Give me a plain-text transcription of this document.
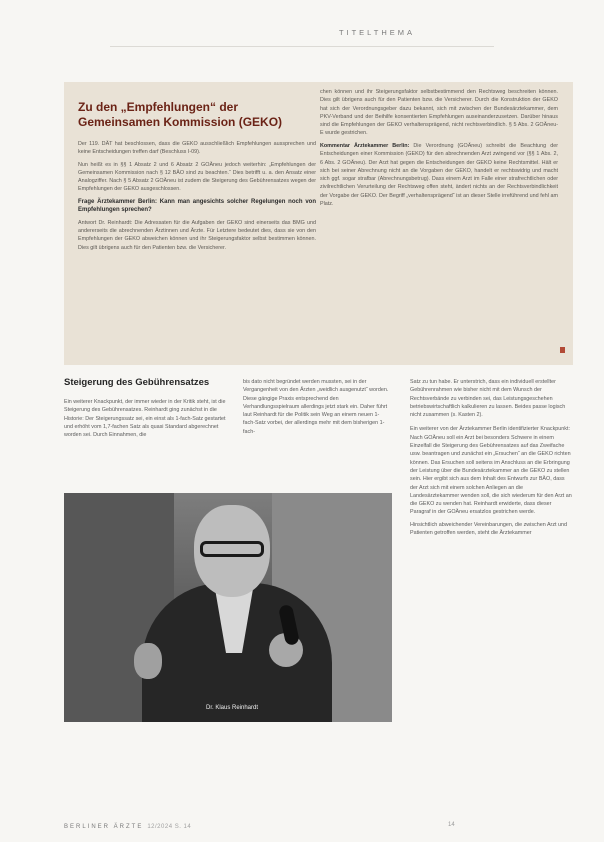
TITELTHEMA
Zu den „Empfehlungen“ der Gemeinsamen Kommission (GEKO)

Der 119. DÄT hat beschlossen, dass die GEKO ausschließlich Empfehlungen aussprechen und keine Entscheidungen treffen darf (Beschluss I-09).

Nun heißt es in §§ 1 Absatz 2 und 6 Absatz 2 GOÄneu jedoch weiterhin: „Empfehlungen der Gemeinsamen Kommission nach § 12 BÄO sind zu beachten.“ Dies betrifft u. a. den Ansatz einer Analogziffer. Nach § 5 Absatz 2 GOÄneu ist zudem die Steigerung des Gebührensatzes wegen der Empfehlungen der GEKO ausgeschlossen.

Frage Ärztekammer Berlin: Kann man angesichts solcher Regelungen noch von Empfehlungen sprechen?

Antwort Dr. Reinhardt: Die Adressaten für die Aufgaben der GEKO sind einerseits das BMG und andererseits die abrechnenden Ärztinnen und Ärzte. Für Letztere bedeutet dies, dass sie von den Empfehlungen der GEKO abweichen können und ihr Steigerungsfaktor selbst bestimmen können. Dies gilt übrigens auch für den Patienten bzw. die Versicherer.

chen können und ihr Steigerungsfaktor selbstbestimmend den Rechtsweg beschreiten können. Dies gilt übrigens auch für den Patienten bzw. die Versicherer. Durch die Konstruktion der GEKO hat sich der Verordnungsgeber dazu bekannt, sich mit zwischen der Bundesärztekammer, dem PKV-Verband und der Beihilfe konsentierten Empfehlungen auseinanderzusetzen. Darüber hinaus sind die Empfehlungen der GEKO verhaltensprägend, nicht rechtsverbindlich. § 5 Abs. 2 GOÄneu-E wurde gestrichen.

Kommentar Ärztekammer Berlin: Die Verordnung (GOÄneu) schreibt die Beachtung der Entscheidungen einer Kommission (GEKO) für den abrechnenden Arzt zwingend vor (§§ 1 Abs. 2, 6 Abs. 2 GOÄneu). Der Arzt hat gegen die Entscheidungen der GEKO keine Rechtsmittel. Hält er sich bei seiner Abrechnung nicht an die Vorgaben der GEKO, handelt er rechtswidrig und macht sich ggf. sogar strafbar (Abrechnungsbetrug). Dass einem Arzt im Falle einer strafrechtlichen oder zivilrechtlichen Verurteilung der Rechtsweg offen steht, ändert nichts an der Rechtsverbindlichkeit der Vorgabe der GEKO. Der Begriff „verhaltensprägend“ ist an dieser Stelle irreführend und fehl am Platz.

Steigerung des Gebührensatzes

Ein weiterer Knackpunkt, der immer wieder in der Kritik steht, ist die Steigerung des Gebührensatzes. Reinhardt ging zunächst in die Historie: Der Steigerungssatz sei, ein einst als 1-fach-Satz gestartet und erhöht vom 1,7-fachen Satz als quasi Standard abgerechnet worden sei. Durch Einnahmen, die

bis dato nicht begründet werden mussten, sei in der Vergangenheit von den Ärzten „weidlich ausgenutzt“ worden. Diese gängige Praxis entsprechend den Verhandlungsspielraum allerdings jetzt stark ein. Daher führt laut Reinhardt für die Politik sein Weg an einem neuen 1-fach-Satz vorbei, der allerdings mehr mit dem bisherigen 1-fach-

Satz zu tun habe. Er unterstrich, dass ein individuell erstellter Gebührenrahmen wie bisher nicht mit dem Wunsch der Rechtsverbände zu verbinden sei, das Leistungsgeschehen betriebswirtschaftlich kalkulieren zu lassen. Beides passe logisch nicht zusammen (s. Kasten 2).

Ein weiterer von der Ärztekammer Berlin identifizierter Knackpunkt: Nach GOÄneu soll ein Arzt bei besonders Schwere in einem Einzelfall die Steigerung des Gebührensatzes auf das Zweifache usw. beantragen und zunächst ein „Ersuchen“ an die GEKO richten können. Das Ersuchen soll seitens im Anschluss an die Erbringung der Leistung über die Bundesärztekammer an die GEKO zu stellen sein. Hier ergibt sich aus dem Inhalt des Entwurfs zur BÄO, dass der Arzt sich mit einem solchen Anliegen an die Landesärztekammer wenden soll, die sich wiederum für den Arzt an die GEKO zu wenden hat. Reinhardt erwiderte, dass dieser Paragraf in der GOÄneu ersatzlos gestrichen werde.

Hinsichtlich abweichender Vereinbarungen, die zwischen Arzt und Patienten getroffen werden, steht die Ärztekammer

Dr. Klaus Reinhardt
BERLINER ÄRZTE 12/2024 S. 14	14
